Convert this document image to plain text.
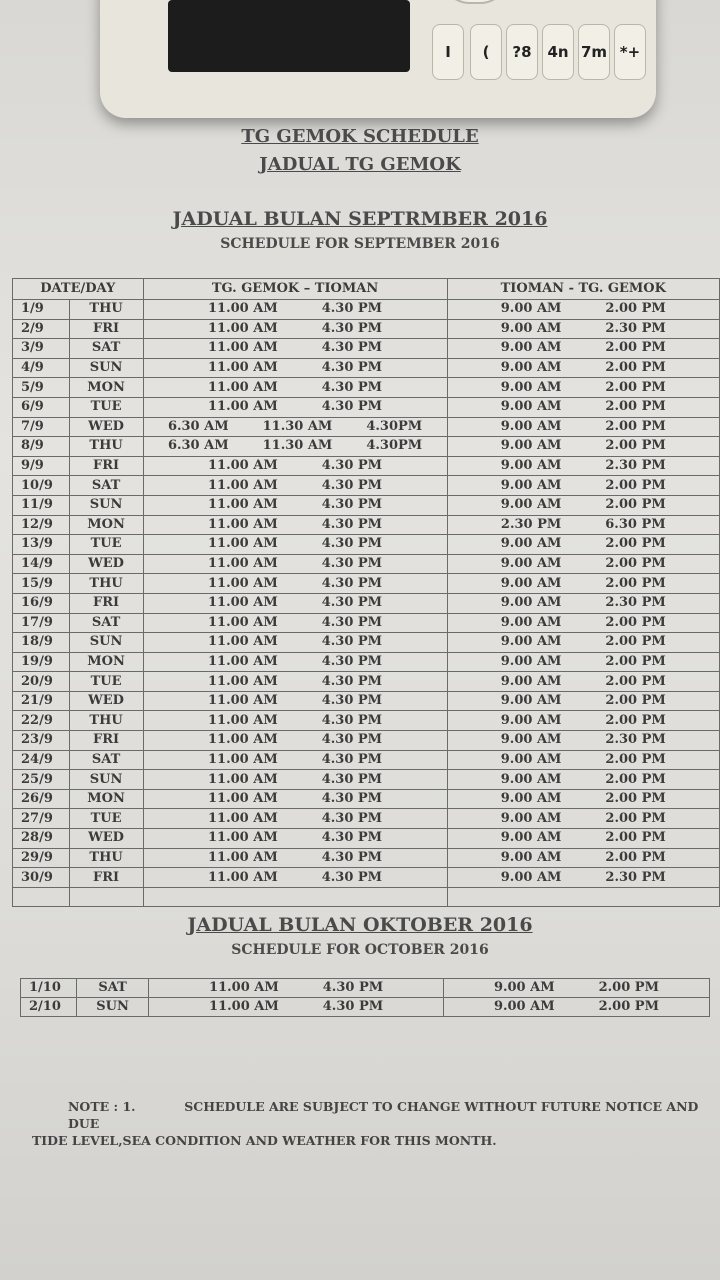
I	(	?8	4n 7m *+
TG GEMOK SCHEDULE
JADUAL TG GEMOK
JADUAL BULAN SEPTRMBER 2016
SCHEDULE FOR SEPTEMBER 2016
DATE/DAY		TG. GEMOK – TIOMAN	TIOMAN - TG. GEMOK
1/9	THU	11.00 AM 4.30 PM	9.00 AM 2.00 PM

2/9	FRI	11.00 AM 4.30 PM	9.00 AM 2.30 PM

3/9	SAT	11.00 AM 4.30 PM	9.00 AM 2.00 PM

4/9	SUN	11.00 AM 4.30 PM	9.00 AM 2.00 PM

5/9	MON	11.00 AM 4.30 PM	9.00 AM 2.00 PM

6/9	TUE	11.00 AM 4.30 PM	9.00 AM 2.00 PM

7/9	WED	6.30 AM 11.30 AM 4.30PM	9.00 AM 2.00 PM

8/9	THU	6.30 AM 11.30 AM 4.30PM	9.00 AM 2.00 PM

9/9	FRI	11.00 AM 4.30 PM	9.00 AM 2.30 PM

10/9	SAT	11.00 AM 4.30 PM	9.00 AM 2.00 PM

11/9	SUN	11.00 AM 4.30 PM	9.00 AM 2.00 PM

12/9	MON	11.00 AM 4.30 PM	2.30 PM 6.30 PM

13/9	TUE	11.00 AM 4.30 PM	9.00 AM 2.00 PM

14/9	WED	11.00 AM 4.30 PM	9.00 AM 2.00 PM

15/9	THU	11.00 AM 4.30 PM	9.00 AM 2.00 PM

16/9	FRI	11.00 AM 4.30 PM	9.00 AM 2.30 PM

17/9	SAT	11.00 AM 4.30 PM	9.00 AM 2.00 PM

18/9	SUN	11.00 AM 4.30 PM	9.00 AM 2.00 PM

19/9	MON	11.00 AM 4.30 PM	9.00 AM 2.00 PM

20/9	TUE	11.00 AM 4.30 PM	9.00 AM 2.00 PM

21/9	WED	11.00 AM 4.30 PM	9.00 AM 2.00 PM

22/9	THU	11.00 AM 4.30 PM	9.00 AM 2.00 PM

23/9	FRI	11.00 AM 4.30 PM	9.00 AM 2.30 PM

24/9	SAT	11.00 AM 4.30 PM	9.00 AM 2.00 PM

25/9	SUN	11.00 AM 4.30 PM	9.00 AM 2.00 PM

26/9	MON	11.00 AM 4.30 PM	9.00 AM 2.00 PM

27/9	TUE	11.00 AM 4.30 PM	9.00 AM 2.00 PM

28/9	WED	11.00 AM 4.30 PM	9.00 AM 2.00 PM

29/9	THU	11.00 AM 4.30 PM	9.00 AM 2.00 PM

30/9	FRI	11.00 AM 4.30 PM	9.00 AM 2.30 PM

JADUAL BULAN OKTOBER 2016
SCHEDULE FOR OCTOBER 2016
1/10	SAT	11.00 AM 4.30 PM	9.00 AM 2.00 PM

2/10	SUN	11.00 AM 4.30 PM	9.00 AM 2.00 PM
NOTE : 1.	SCHEDULE ARE SUBJECT TO CHANGE WITHOUT FUTURE NOTICE AND DUE
TIDE LEVEL,SEA CONDITION AND WEATHER FOR THIS MONTH.
